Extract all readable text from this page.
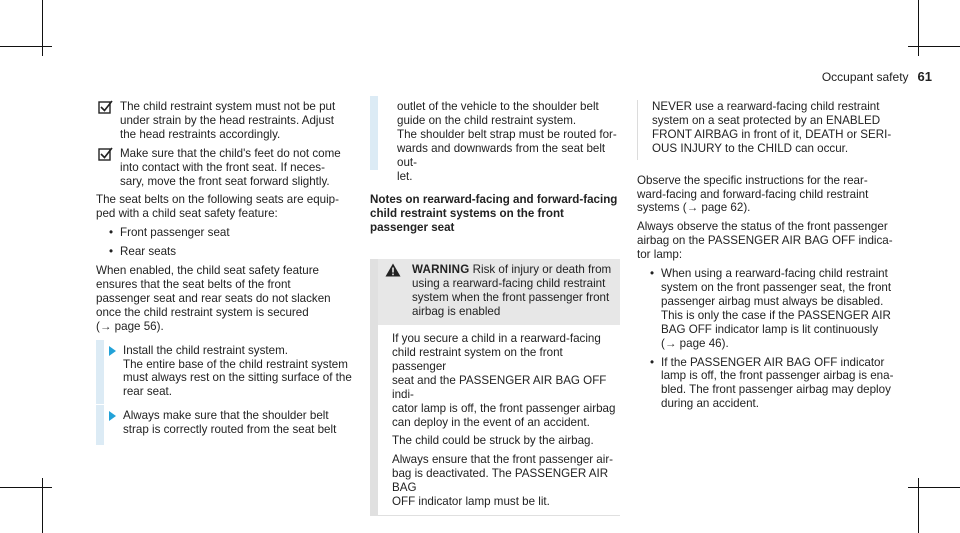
Occupant safety 61
The child restraint system must not be put
under strain by the head restraints. Adjust
the head restraints accordingly.
Make sure that the child's feet do not come
into contact with the front seat. If neces-
sary, move the front seat forward slightly.

The seat belts on the following seats are equip-
ped with a child seat safety feature:

• Front passenger seat
• Rear seats

When enabled, the child seat safety feature
ensures that the seat belts of the front
passenger seat and rear seats do not slacken
once the child restraint system is secured
(→ page 56).

Install the child restraint system.
The entire base of the child restraint system
must always rest on the sitting surface of the
rear seat.
Always make sure that the shoulder belt
strap is correctly routed from the seat belt
outlet of the vehicle to the shoulder belt
guide on the child restraint system.
The shoulder belt strap must be routed for-
wards and downwards from the seat belt out-
let.
Notes on rearward-facing and forward-facing
child restraint systems on the front
passenger seat
WARNING Risk of injury or death from
using a rearward-facing child restraint
system when the front passenger front
airbag is enabled

If you secure a child in a rearward-facing
child restraint system on the front passenger
seat and the PASSENGER AIR BAG OFF indi-
cator lamp is off, the front passenger airbag
can deploy in the event of an accident.

The child could be struck by the airbag.

Always ensure that the front passenger air-
bag is deactivated. The PASSENGER AIR BAG
OFF indicator lamp must be lit.

NEVER use a rearward-facing child restraint
system on a seat protected by an ENABLED
FRONT AIRBAG in front of it, DEATH or SERI-
OUS INJURY to the CHILD can occur.

Observe the specific instructions for the rear-
ward-facing and forward-facing child restraint
systems (→ page 62).

Always observe the status of the front passenger
airbag on the PASSENGER AIR BAG OFF indica-
tor lamp:

• When using a rearward-facing child restraint
system on the front passenger seat, the front
passenger airbag must always be disabled.
This is only the case if the PASSENGER AIR
BAG OFF indicator lamp is lit continuously
(→ page 46).
• If the PASSENGER AIR BAG OFF indicator
lamp is off, the front passenger airbag is ena-
bled. The front passenger airbag may deploy
during an accident.
